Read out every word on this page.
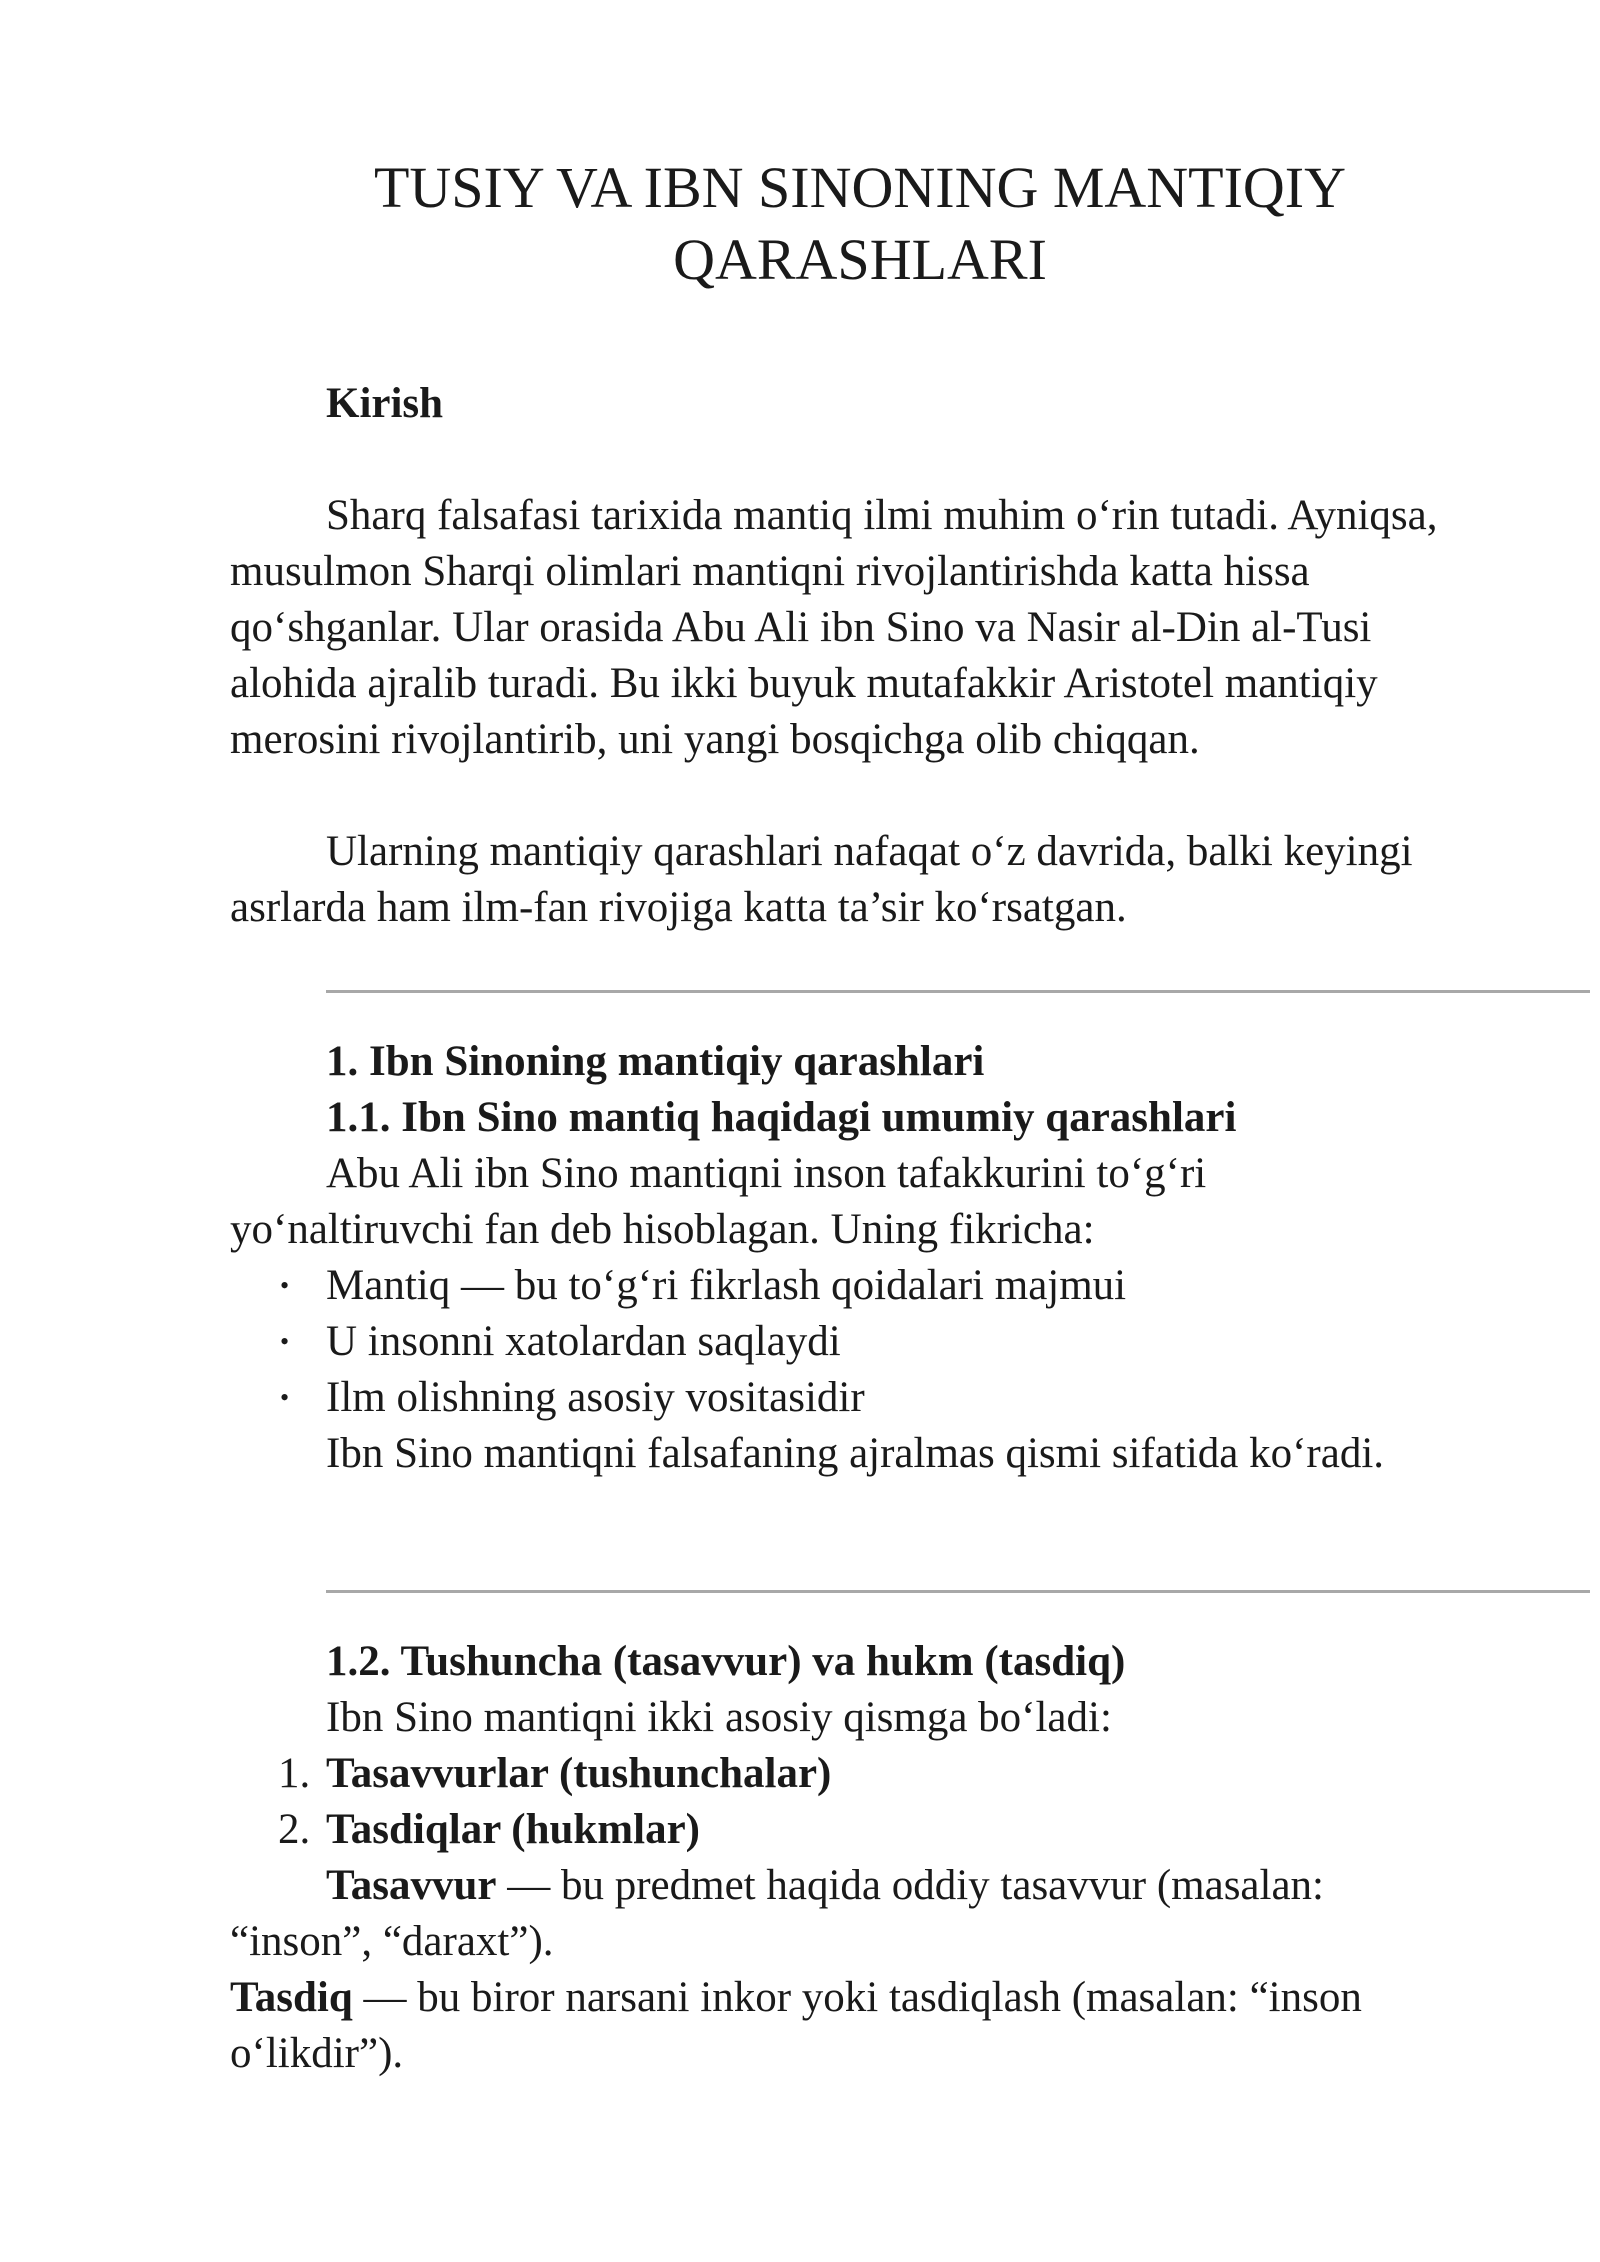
TUSIY VA IBN SINONING MANTIQIY QARASHLARI
Kirish

Sharq falsafasi tarixida mantiq ilmi muhim o‘rin tutadi. Ayniqsa, musulmon Sharqi olimlari mantiqni rivojlantirishda katta hissa qo‘shganlar. Ular orasida Abu Ali ibn Sino va Nasir al-Din al-Tusi alohida ajralib turadi. Bu ikki buyuk mutafakkir Aristotel mantiqiy merosini rivojlantirib, uni yangi bosqichga olib chiqqan.

Ularning mantiqiy qarashlari nafaqat o‘z davrida, balki keyingi asrlarda ham ilm-fan rivojiga katta ta’sir ko‘rsatgan.

1. Ibn Sinoning mantiqiy qarashlari
1.1. Ibn Sino mantiq haqidagi umumiy qarashlari

Abu Ali ibn Sino mantiqni inson tafakkurini to‘g‘ri yo‘naltiruvchi fan deb hisoblagan. Uning fikricha:

• Mantiq — bu to‘g‘ri fikrlash qoidalari majmui
• U insonni xatolardan saqlaydi
• Ilm olishning asosiy vositasidir

Ibn Sino mantiqni falsafaning ajralmas qismi sifatida ko‘radi.

1.2. Tushuncha (tasavvur) va hukm (tasdiq)

Ibn Sino mantiqni ikki asosiy qismga bo‘ladi:

1. Tasavvurlar (tushunchalar)
2. Tasdiqlar (hukmlar)

Tasavvur — bu predmet haqida oddiy tasavvur (masalan: “inson”, “daraxt”).

Tasdiq — bu biror narsani inkor yoki tasdiqlash (masalan: “inson o‘likdir”).
